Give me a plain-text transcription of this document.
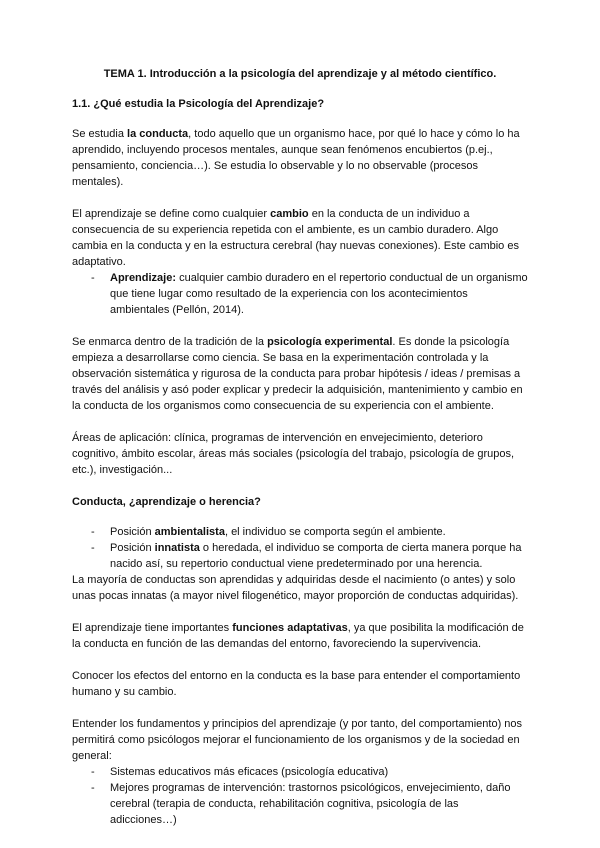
TEMA 1. Introducción a la psicología del aprendizaje y al método científico.
1.1. ¿Qué estudia la Psicología del Aprendizaje?

Se estudia la conducta, todo aquello que un organismo hace, por qué lo hace y cómo lo ha aprendido, incluyendo procesos mentales, aunque sean fenómenos encubiertos (p.ej., pensamiento, conciencia…). Se estudia lo observable y lo no observable (procesos mentales).

El aprendizaje se define como cualquier cambio en la conducta de un individuo a consecuencia de su experiencia repetida con el ambiente, es un cambio duradero. Algo cambia en la conducta y en la estructura cerebral (hay nuevas conexiones). Este cambio es adaptativo.

- Aprendizaje: cualquier cambio duradero en el repertorio conductual de un organismo que tiene lugar como resultado de la experiencia con los acontecimientos ambientales (Pellón, 2014).

Se enmarca dentro de la tradición de la psicología experimental. Es donde la psicología empieza a desarrollarse como ciencia. Se basa en la experimentación controlada y la observación sistemática y rigurosa de la conducta para probar hipótesis / ideas / premisas a través del análisis y asó poder explicar y predecir la adquisición, mantenimiento y cambio en la conducta de los organismos como consecuencia de su experiencia con el ambiente.

Áreas de aplicación: clínica, programas de intervención en envejecimiento, deterioro cognitivo, ámbito escolar, áreas más sociales (psicología del trabajo, psicología de grupos, etc.), investigación...

Conducta, ¿aprendizaje o herencia?
- Posición ambientalista, el individuo se comporta según el ambiente.
- Posición innatista o heredada, el individuo se comporta de cierta manera porque ha nacido así, su repertorio conductual viene predeterminado por una herencia.

La mayoría de conductas son aprendidas y adquiridas desde el nacimiento (o antes) y solo unas pocas innatas (a mayor nivel filogenético, mayor proporción de conductas adquiridas).

El aprendizaje tiene importantes funciones adaptativas, ya que posibilita la modificación de la conducta en función de las demandas del entorno, favoreciendo la supervivencia.

Conocer los efectos del entorno en la conducta es la base para entender el comportamiento humano y su cambio.

Entender los fundamentos y principios del aprendizaje (y por tanto, del comportamiento) nos permitirá como psicólogos mejorar el funcionamiento de los organismos y de la sociedad en general:

- Sistemas educativos más eficaces (psicología educativa)
- Mejores programas de intervención: trastornos psicológicos, envejecimiento, daño cerebral (terapia de conducta, rehabilitación cognitiva, psicología de las adicciones…)
